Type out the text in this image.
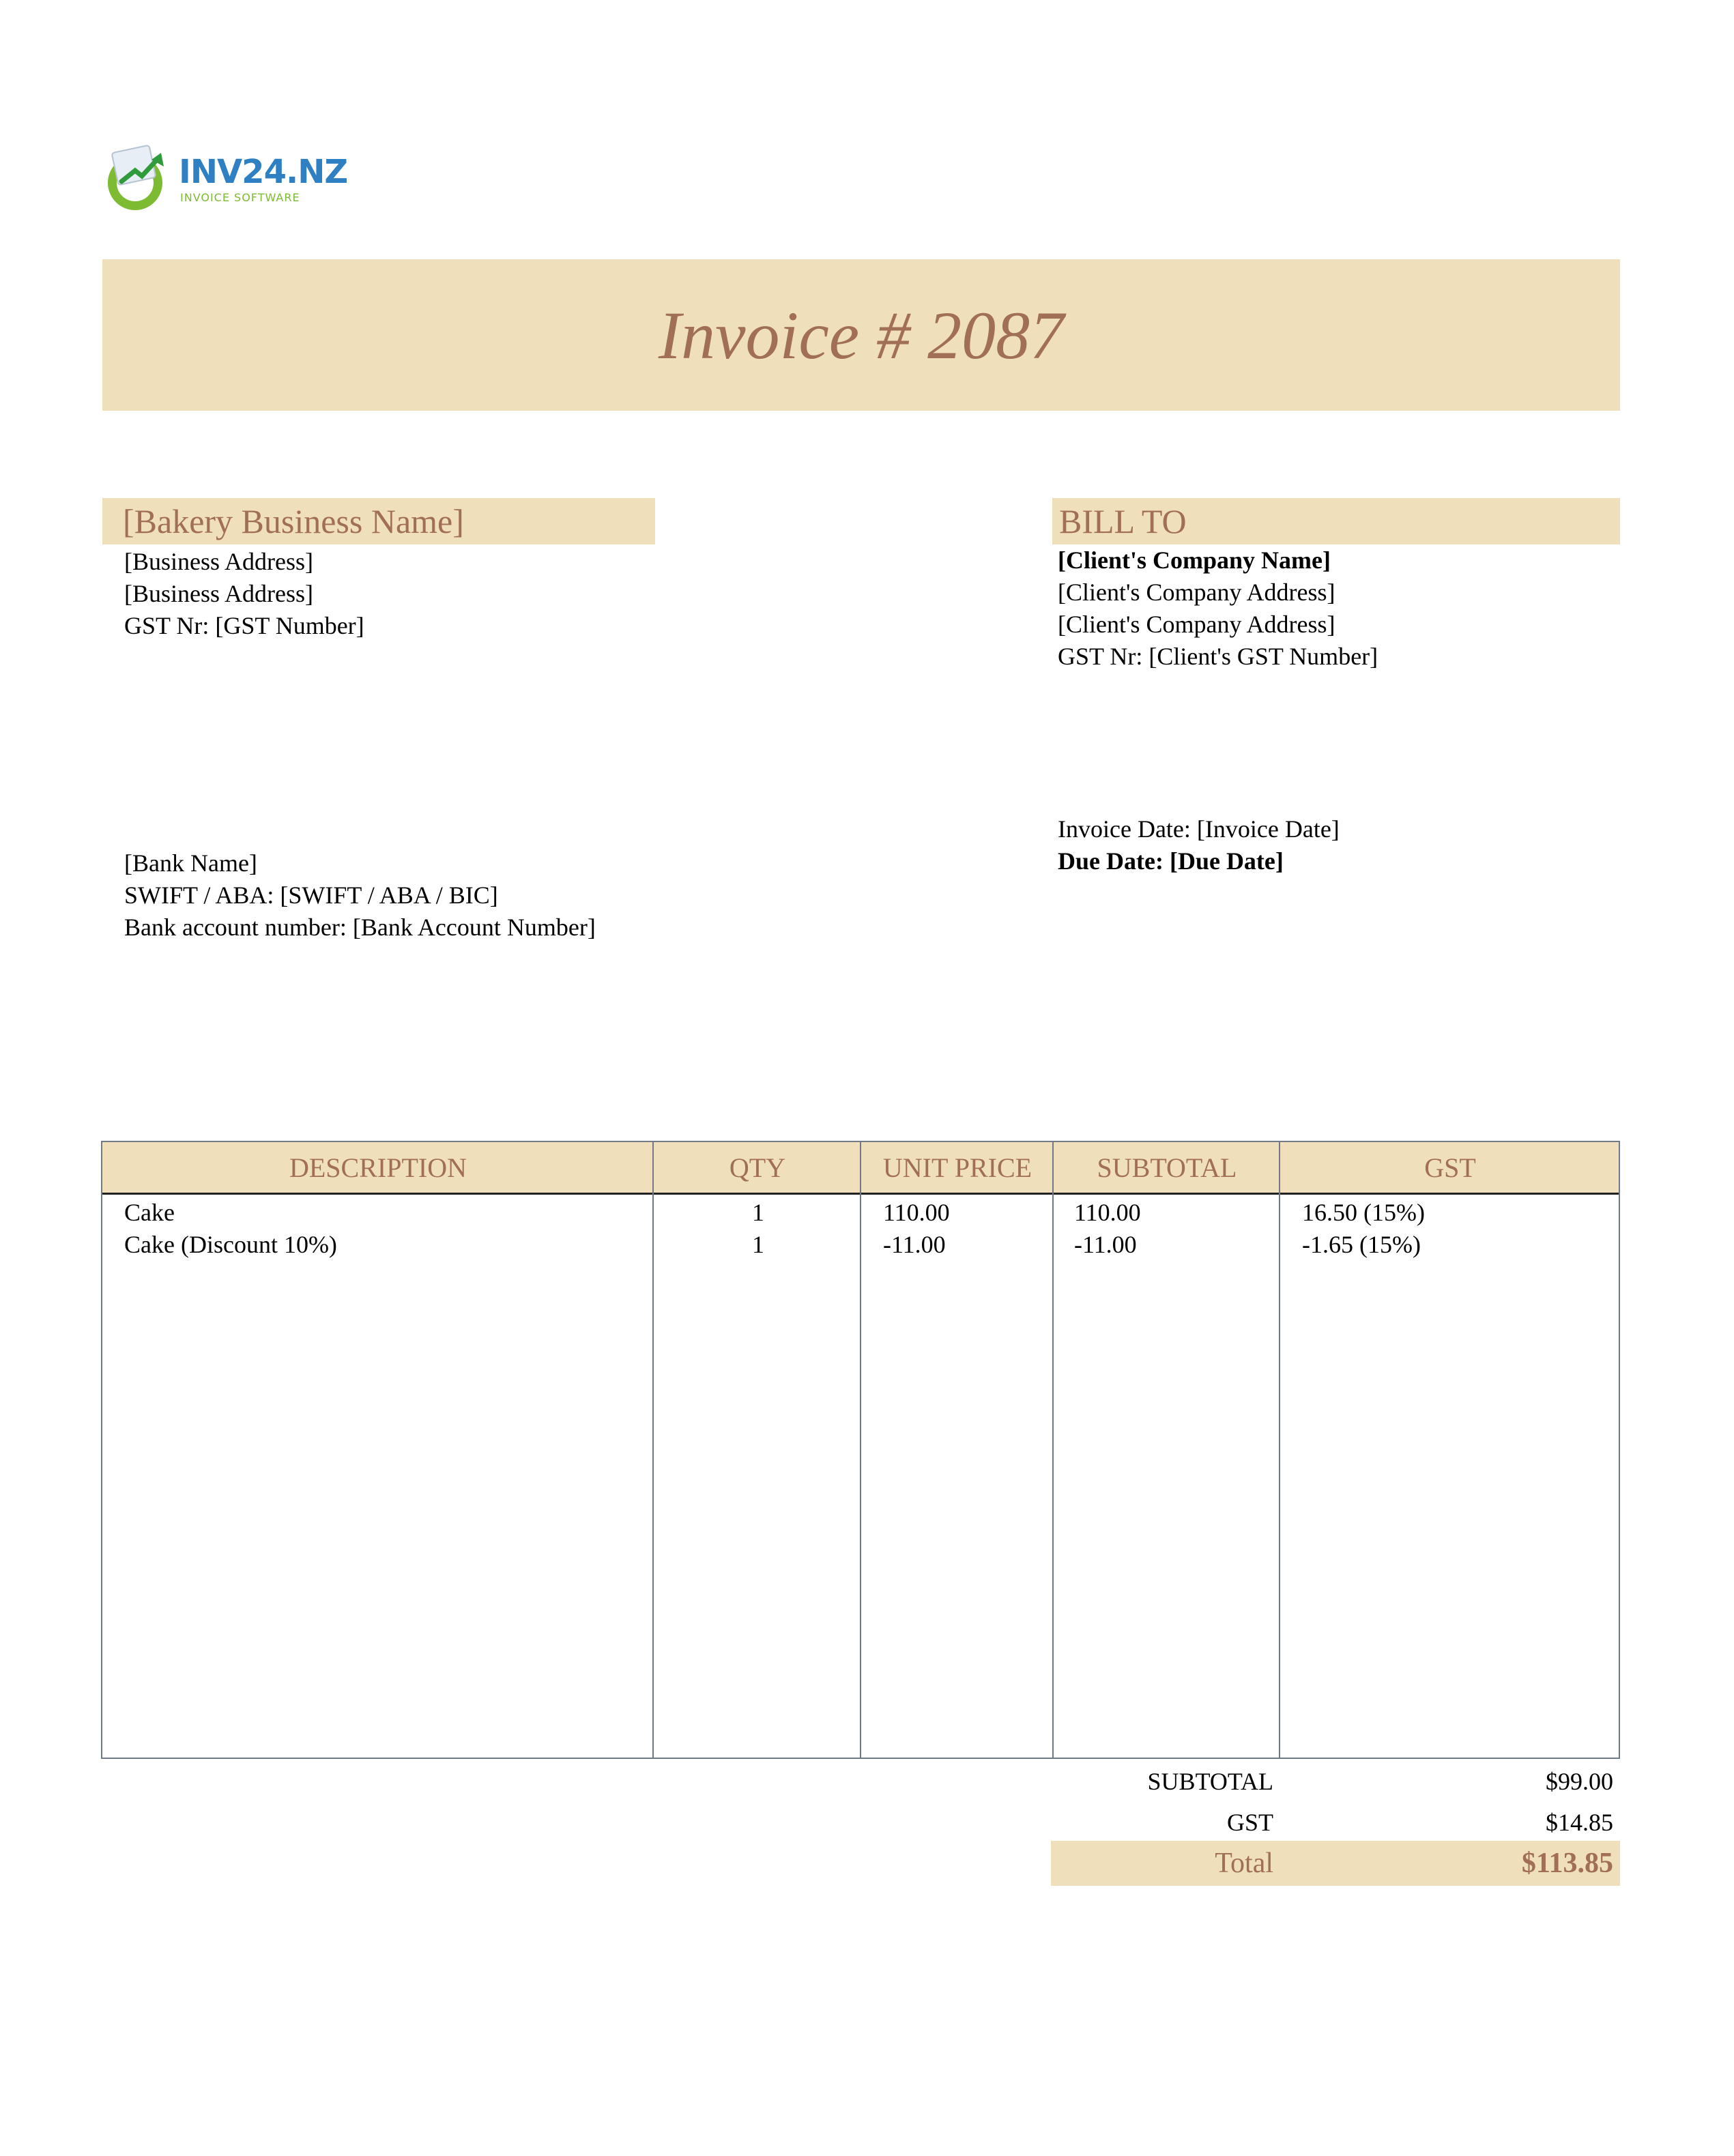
INV24.NZ
INVOICE SOFTWARE
Invoice # 2087
[Bakery Business Name]
[Business Address]
[Business Address]
GST Nr: [GST Number]
BILL TO
[Client's Company Name]
[Client's Company Address]
[Client's Company Address]
GST Nr: [Client's GST Number]
Invoice Date: [Invoice Date]
Due Date: [Due Date]
[Bank Name]
SWIFT / ABA: [SWIFT / ABA / BIC]
Bank account number: [Bank Account Number]
DESCRIPTION	QTY	UNIT PRICE	SUBTOTAL	GST
Cake	1	110.00	110.00	16.50 (15%)
Cake (Discount 10%)	1	-11.00	-11.00	-1.65 (15%)
SUBTOTAL	$99.00
GST	$14.85
Total	$113.85
